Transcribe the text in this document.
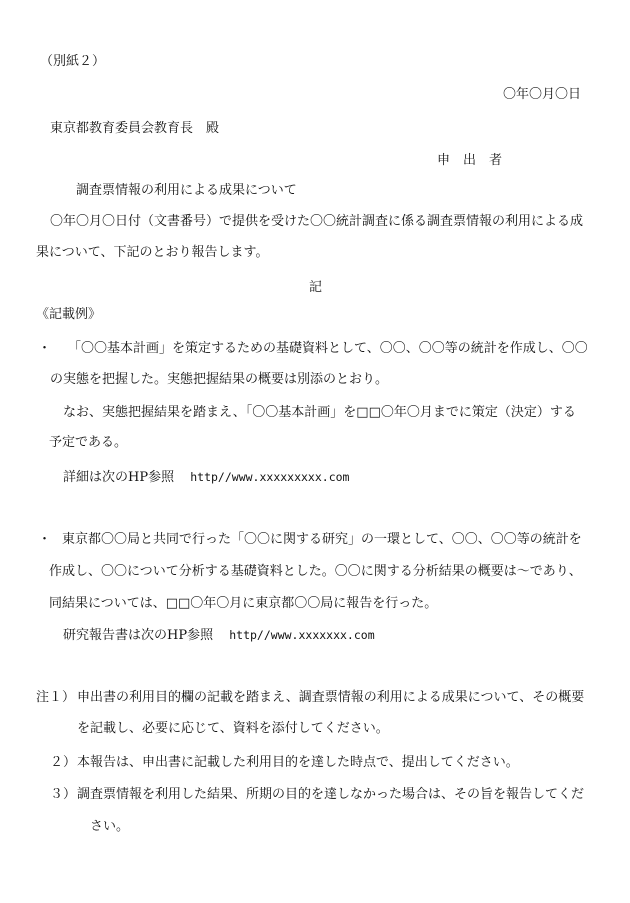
（別紙２）
〇年〇月〇日
東京都教育委員会教育長　殿
申　出　者
調査票情報の利用による成果について
〇年〇月〇日付（文書番号）で提供を受けた〇〇統計調査に係る調査票情報の利用による成
果について、下記のとおり報告します。
記
《記載例》
・ 「〇〇基本計画」を策定するための基礎資料として、〇〇、〇〇等の統計を作成し、〇〇
の実態を把握した。実態把握結果の概要は別添のとおり。
なお、実態把握結果を踏まえ、「〇〇基本計画」を□□〇年〇月までに策定（決定）する
予定である。
詳細は次のHP参照 http//www.xxxxxxxxx.com
・ 東京都〇〇局と共同で行った「〇〇に関する研究」の一環として、〇〇、〇〇等の統計を
作成し、〇〇について分析する基礎資料とした。〇〇に関する分析結果の概要は～であり、
同結果については、□□〇年〇月に東京都〇〇局に報告を行った。
研究報告書は次のHP参照 http//www.xxxxxxx.com
注１） 申出書の利用目的欄の記載を踏まえ、調査票情報の利用による成果について、その概要
を記載し、必要に応じて、資料を添付してください。
２） 本報告は、申出書に記載した利用目的を達した時点で、提出してください。
３） 調査票情報を利用した結果、所期の目的を達しなかった場合は、その旨を報告してくだ
さい。
